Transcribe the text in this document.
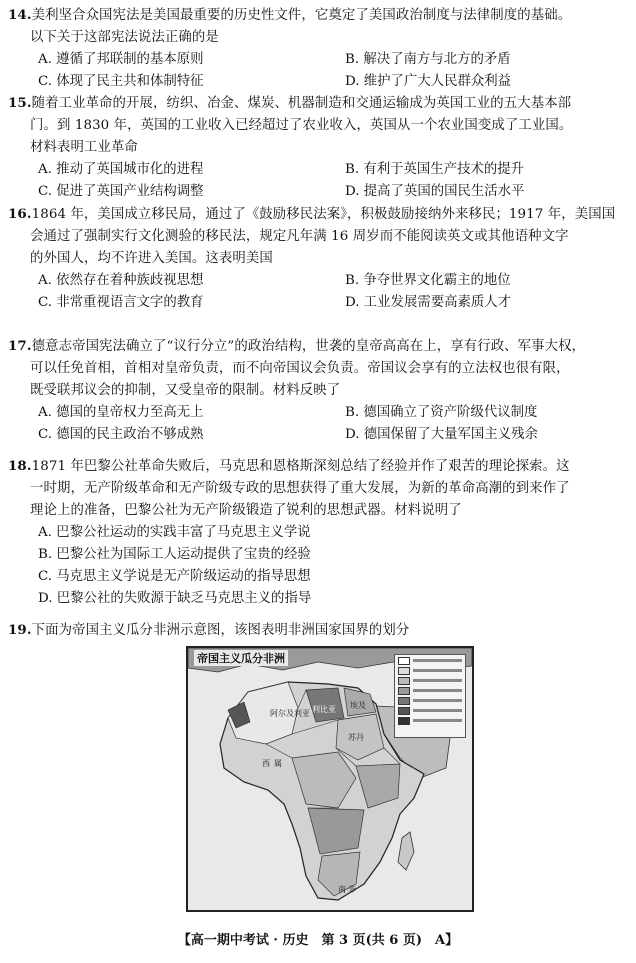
14.美利坚合众国宪法是美国最重要的历史性文件，它奠定了美国政治制度与法律制度的基础。
以下关于这部宪法说法正确的是
A. 遵循了邦联制的基本原则	B. 解决了南方与北方的矛盾
C. 体现了民主共和体制特征	D. 维护了广大人民群众利益
15.随着工业革命的开展，纺织、冶金、煤炭、机器制造和交通运输成为英国工业的五大基本部
门。到 1830 年，英国的工业收入已经超过了农业收入，英国从一个农业国变成了工业国。
材料表明工业革命
A. 推动了英国城市化的进程	B. 有利于英国生产技术的提升
C. 促进了英国产业结构调整	D. 提高了英国的国民生活水平
16.1864 年，美国成立移民局，通过了《鼓励移民法案》，积极鼓励接纳外来移民；1917 年，美国国
会通过了强制实行文化测验的移民法，规定凡年满 16 周岁而不能阅读英文或其他语种文字
的外国人，均不许进入美国。这表明美国
A. 依然存在着种族歧视思想	B. 争夺世界文化霸主的地位
C. 非常重视语言文字的教育	D. 工业发展需要高素质人才
17.德意志帝国宪法确立了“议行分立”的政治结构，世袭的皇帝高高在上，享有行政、军事大权，
可以任免首相，首相对皇帝负责，而不向帝国议会负责。帝国议会享有的立法权也很有限，
既受联邦议会的抑制，又受皇帝的限制。材料反映了
A. 德国的皇帝权力至高无上	B. 德国确立了资产阶级代议制度
C. 德国的民主政治不够成熟	D. 德国保留了大量军国主义残余
18.1871 年巴黎公社革命失败后，马克思和恩格斯深刻总结了经验并作了艰苦的理论探索。这
一时期，无产阶级革命和无产阶级专政的思想获得了重大发展，为新的革命高潮的到来作了
理论上的准备，巴黎公社为无产阶级锻造了锐利的思想武器。材料说明了
A. 巴黎公社运动的实践丰富了马克思主义学说
B. 巴黎公社为国际工人运动提供了宝贵的经验
C. 马克思主义学说是无产阶级运动的指导思想
D. 巴黎公社的失败源于缺乏马克思主义的指导
19.下面为帝国主义瓜分非洲示意图，该图表明非洲国家国界的划分
帝国主义瓜分非洲
阿尔及利亚 利比亚 埃及
苏丹
西 属
南 非
【高一期中考试 · 历史　第 3 页(共 6 页)　A】
